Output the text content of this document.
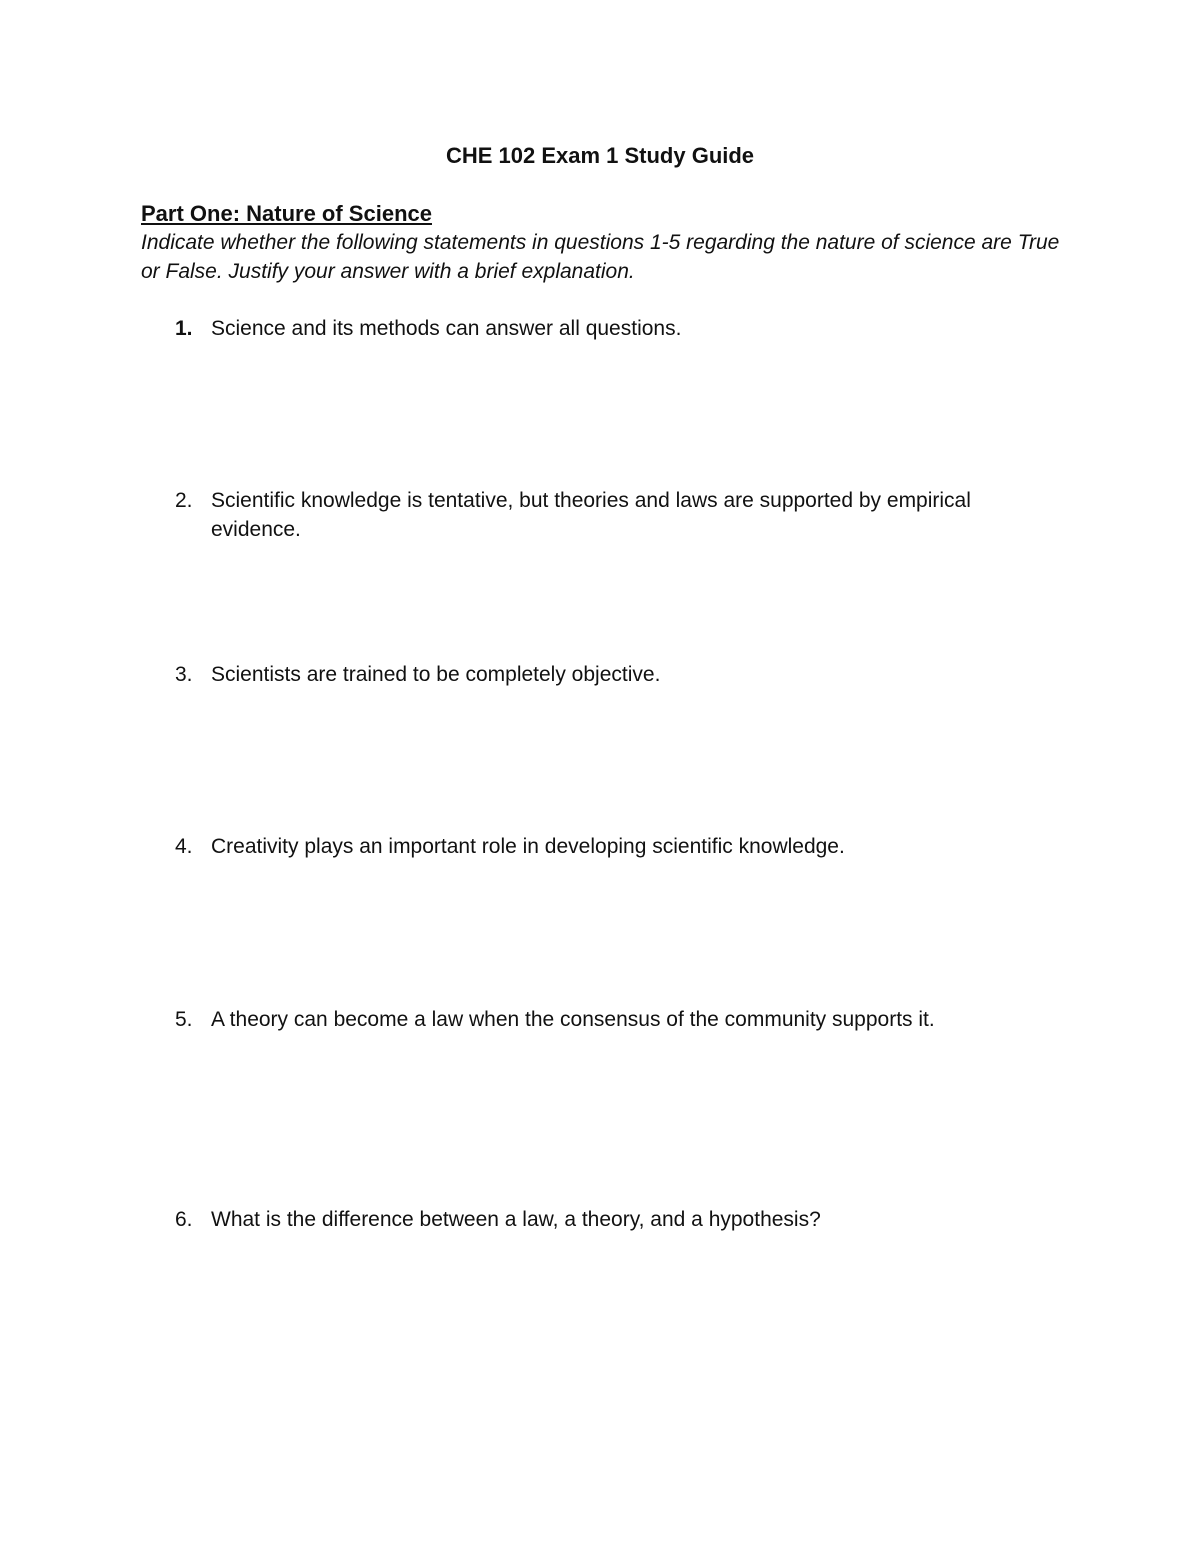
CHE 102 Exam 1 Study Guide
Part One: Nature of Science
Indicate whether the following statements in questions 1-5 regarding the nature of science are True or False. Justify your answer with a brief explanation.
1. Science and its methods can answer all questions.
2. Scientific knowledge is tentative, but theories and laws are supported by empirical evidence.
3. Scientists are trained to be completely objective.
4. Creativity plays an important role in developing scientific knowledge.
5. A theory can become a law when the consensus of the community supports it.
6. What is the difference between a law, a theory, and a hypothesis?
